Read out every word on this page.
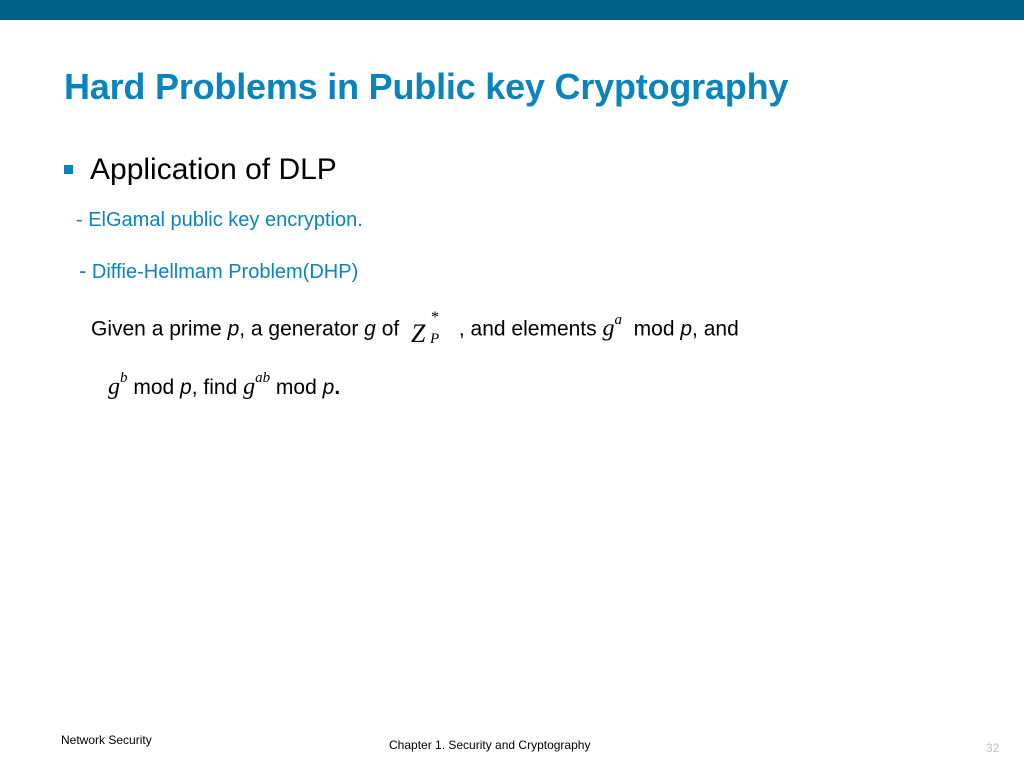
Hard Problems in Public key Cryptography
Application of DLP
- ElGamal public key encryption.
- Diffie-Hellmam Problem(DHP)
Given a prime p, a generator g of Z
*
P , and elements $g^a$  mod p, and
$g^b$ mod p, find $g^{ab}$ mod p.
Network Security	Chapter 1. Security and Cryptography	32
